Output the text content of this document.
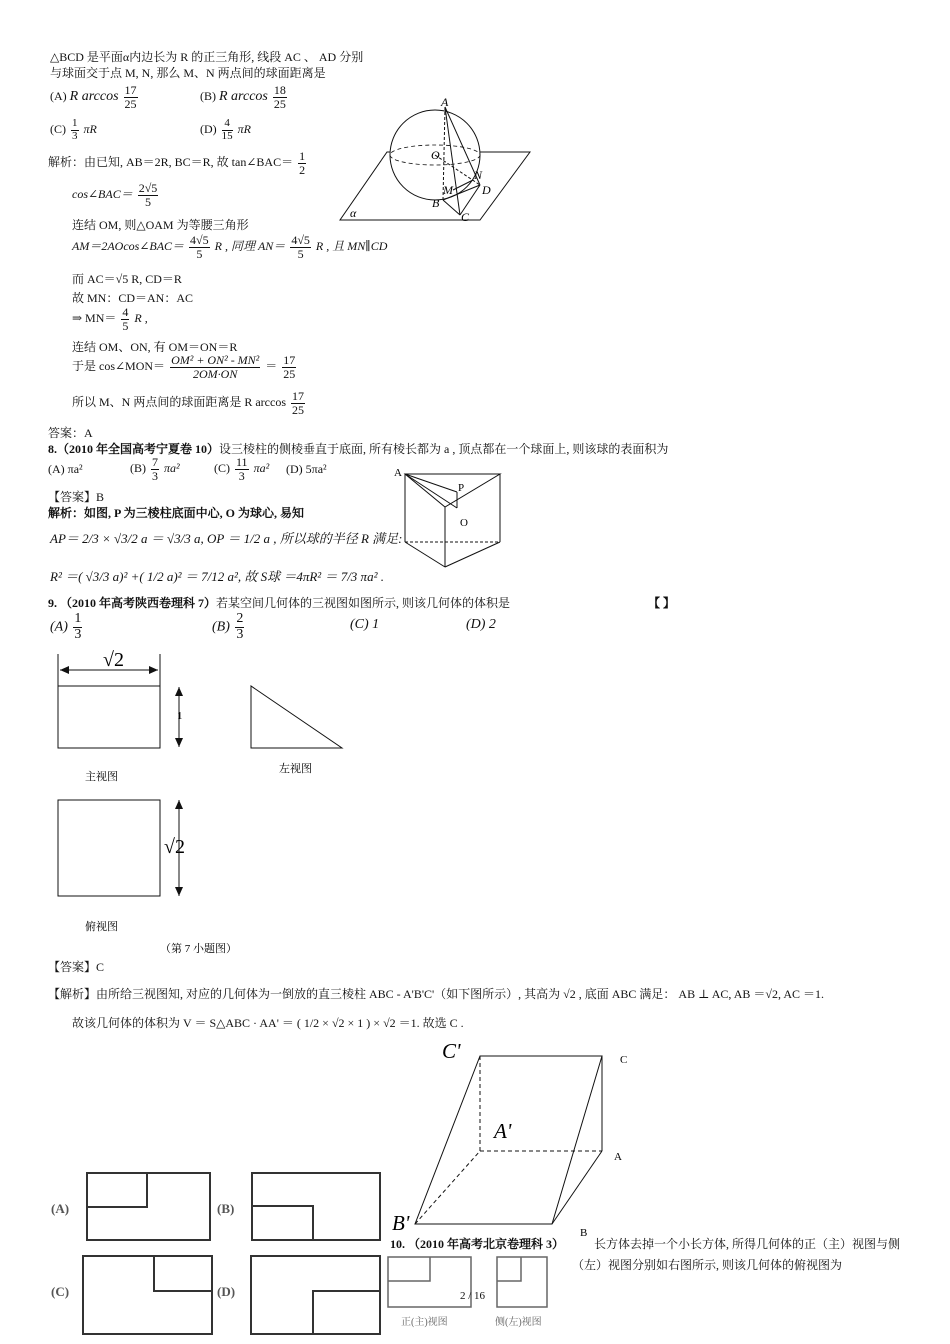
△BCD 是平面α内边长为 R 的正三角形, 线段 AC 、 AD 分别
与球面交于点 M, N, 那么 M、N 两点间的球面距离是
(A) R $\arccos \frac{17}{25}$	(B) R $\arccos \frac{18}{25}$
$(C) \frac{1}{3}$ πR	$(D) \frac{4}{15}$ πR
解析：由已知, AB＝2R, BC＝R, 故 tan∠BAC＝ $\frac{1}{2}$
cos∠BAC＝ $\frac{2√5}{5}$
连结 OM, 则△OAM 为等腰三角形
AM＝2AOcos∠BAC＝ $\frac{4√5}{5}$ R , 同理 $AN= \frac{4√5}{5}$ R , 且 MN∥CD
而 AC＝√5 R, CD＝R
故 MN：CD＝AN：AC
⇒ $MN= \frac{4}{5}$ R ,
连结 OM、ON, 有 OM＝ON＝R
于是 cos∠MON＝ $\frac{\text{OM² + ON² - MN²}}{2OM\cdot ON} = \frac{17}{25}$
所以 M、N 两点间的球面距离是 R $\arccos \frac{17}{25}$
答案：A
A
O
N
D
M
B
C
α
8.（2010 年全国高考宁夏卷 10）设三棱柱的侧棱垂直于底面, 所有棱长都为 a , 顶点都在一个球面上, 则该球的表面积为
(A) πa²	$(B) \frac{7}{3} \pi a^2$	$(C) \frac{11}{3} \pi a^2$ (D) 5πa²
【答案】B
解析：如图, P 为三棱柱底面中心, O 为球心, 易知
AP＝ 2/3 × √3/2 a ＝ √3/3 a, OP ＝ 1/2 a , 所以球的半径 R 满足:
R² ＝( √3/3 a)² +( 1/2 a)² ＝ 7/12 a², 故 S球 ＝4πR² ＝ 7/3 πa² .
A
P
O
9. （2010 年高考陕西卷理科 7）若某空间几何体的三视图如图所示, 则该几何体的体积是	【 】
$(A) \frac{1}{3}$	$(B) \frac{2}{3}$	(C) 1	(D) 2
√2
1
√2
主视图
左视图
俯视图
（第 7 小题图）
【答案】C
【解析】由所给三视图知, 对应的几何体为一倒放的直三棱柱 ABC - A'B'C'（如下图所示）, 其高为 √2 , 底面 ABC 满足： AB ⊥ AC, AB ＝√2, AC ＝1.
故该几何体的体积为 V ＝ S△ABC · AA' ＝ ( 1/2 × √2 × 1 ) × √2 ＝1. 故选 C .
C'	C
A'
A
B'	B
10. （2010 年高考北京卷理科 3） 长方体去掉一个小长方体, 所得几何体的正（主）视图与侧
（左）视图分别如右图所示, 则该几何体的俯视图为
(A)	(B)
(C)	(D)
正(主)视图	侧(左)视图
2 / 16
